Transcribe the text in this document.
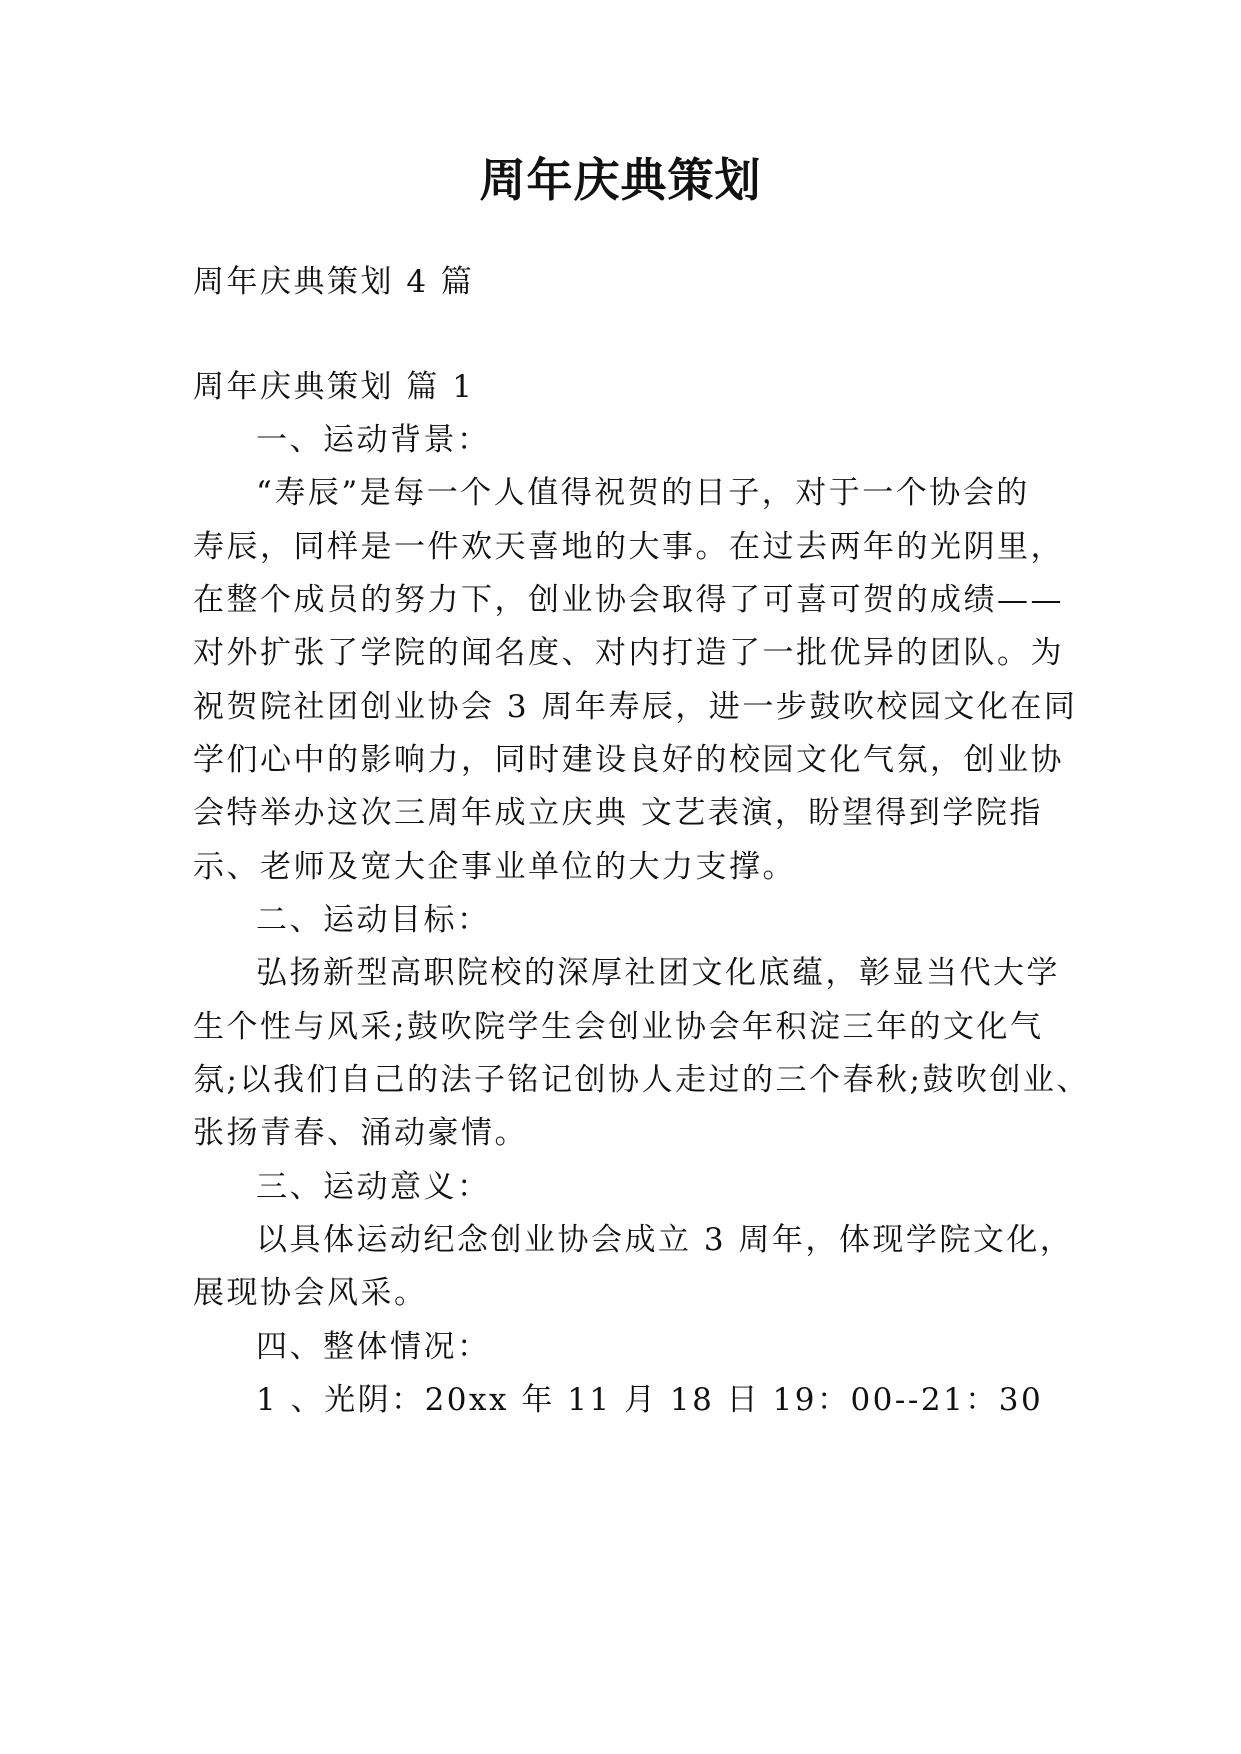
周年庆典策划

周年庆典策划 4 篇

周年庆典策划 篇 1

一、运动背景：

“寿辰”是每一个人值得祝贺的日子，对于一个协会的

寿辰，同样是一件欢天喜地的大事。在过去两年的光阴里，

在整个成员的努力下，创业协会取得了可喜可贺的成绩——

对外扩张了学院的闻名度、对内打造了一批优异的团队。为

祝贺院社团创业协会 3 周年寿辰，进一步鼓吹校园文化在同

学们心中的影响力，同时建设良好的校园文化气氛，创业协

会特举办这次三周年成立庆典 文艺表演，盼望得到学院指

示、老师及宽大企事业单位的大力支撑。

二、运动目标：

弘扬新型高职院校的深厚社团文化底蕴，彰显当代大学

生个性与风采;鼓吹院学生会创业协会年积淀三年的文化气

氛;以我们自己的法子铭记创协人走过的三个春秋;鼓吹创业、

张扬青春、涌动豪情。

三、运动意义：

以具体运动纪念创业协会成立 3 周年，体现学院文化，

展现协会风采。

四、整体情况：

1 、光阴：20xx 年 11 月 18 日 19：00--21：30
